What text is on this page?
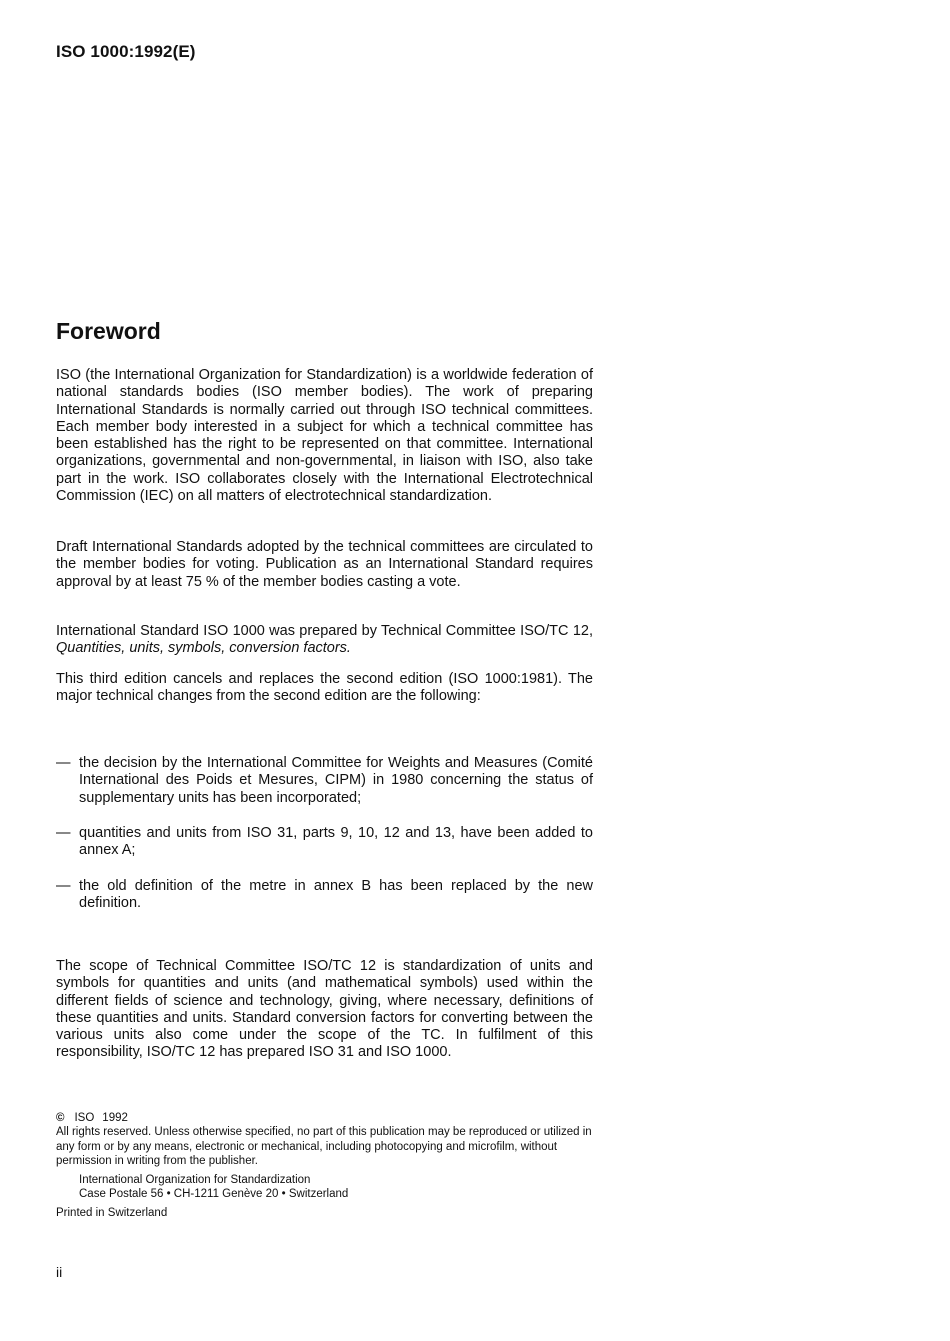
ISO 1000:1992(E)
Foreword

ISO (the International Organization for Standardization) is a worldwide federation of national standards bodies (ISO member bodies). The work of preparing International Standards is normally carried out through ISO technical committees. Each member body interested in a subject for which a technical committee has been established has the right to be represented on that committee. International organizations, governmental and non-governmental, in liaison with ISO, also take part in the work. ISO collaborates closely with the International Electrotechnical Commission (IEC) on all matters of electrotechnical standardization.

Draft International Standards adopted by the technical committees are circulated to the member bodies for voting. Publication as an International Standard requires approval by at least 75 % of the member bodies casting a vote.

International Standard ISO 1000 was prepared by Technical Committee ISO/TC 12, Quantities, units, symbols, conversion factors.

This third edition cancels and replaces the second edition (ISO 1000:1981). The major technical changes from the second edition are the following:

— the decision by the International Committee for Weights and Measures (Comité International des Poids et Mesures, CIPM) in 1980 concerning the status of supplementary units has been incorporated;
— quantities and units from ISO 31, parts 9, 10, 12 and 13, have been added to annex A;
— the old definition of the metre in annex B has been replaced by the new definition.

The scope of Technical Committee ISO/TC 12 is standardization of units and symbols for quantities and units (and mathematical symbols) used within the different fields of science and technology, giving, where necessary, definitions of these quantities and units. Standard conversion factors for converting between the various units also come under the scope of the TC. In fulfilment of this responsibility, ISO/TC 12 has prepared ISO 31 and ISO 1000.

© ISO 1992
All rights reserved. Unless otherwise specified, no part of this publication may be reproduced or utilized in any form or by any means, electronic or mechanical, including photocopying and microfilm, without permission in writing from the publisher.
International Organization for Standardization
Case Postale 56 • CH-1211 Genève 20 • Switzerland
Printed in Switzerland
ii
